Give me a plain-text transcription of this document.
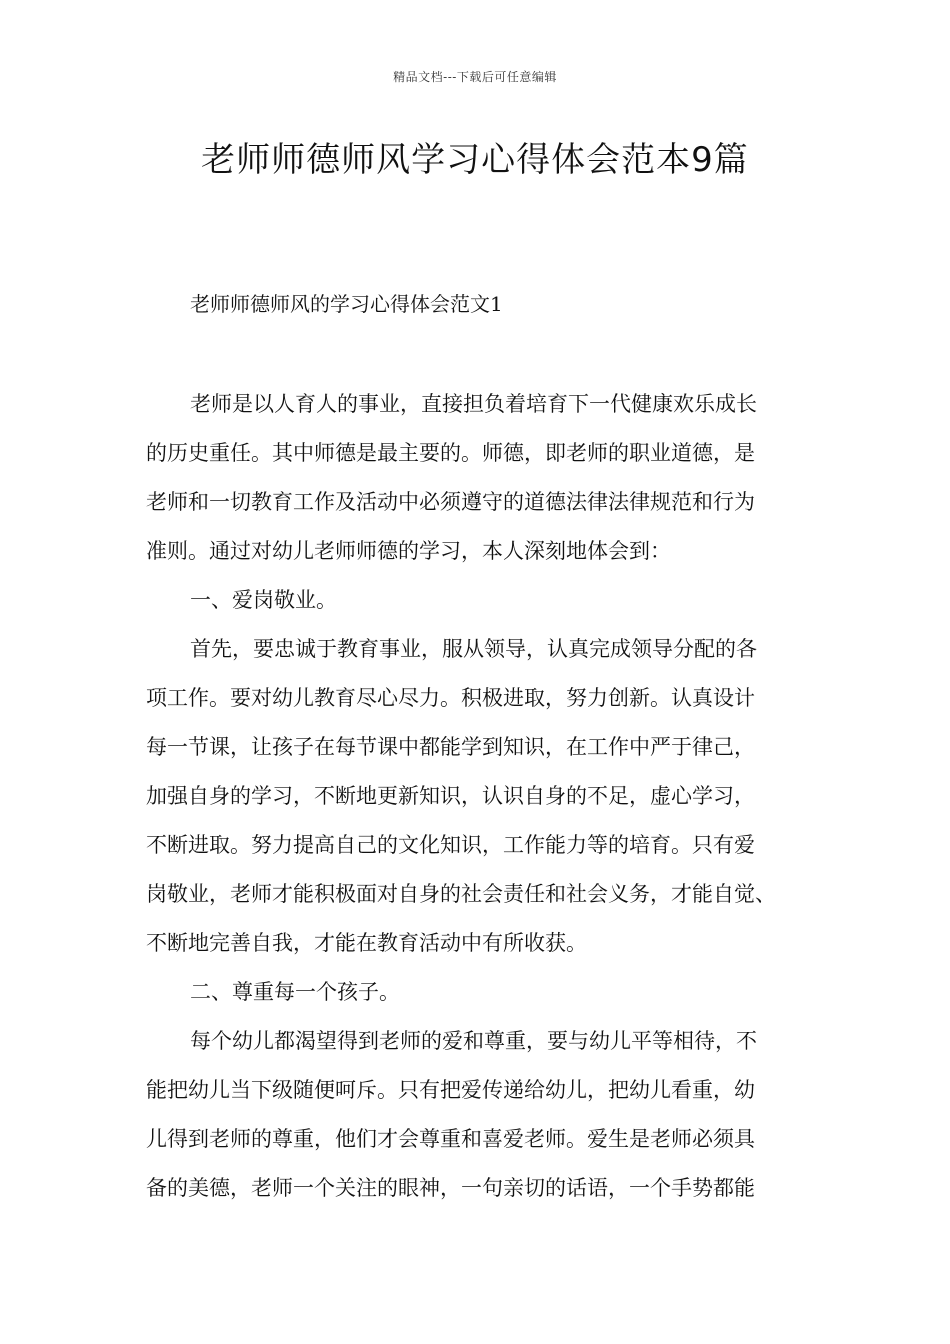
精品文档---下载后可任意编辑
老师师德师风学习心得体会范本9篇

老师师德师风的学习心得体会范文1

老师是以人育人的事业，直接担负着培育下一代健康欢乐成长

的历史重任。其中师德是最主要的。师德，即老师的职业道德，是

老师和一切教育工作及活动中必须遵守的道德法律法律规范和行为

准则。通过对幼儿老师师德的学习，本人深刻地体会到：

一、爱岗敬业。

首先，要忠诚于教育事业，服从领导，认真完成领导分配的各

项工作。要对幼儿教育尽心尽力。积极进取，努力创新。认真设计

每一节课，让孩子在每节课中都能学到知识，在工作中严于律己，

加强自身的学习，不断地更新知识，认识自身的不足，虚心学习，

不断进取。努力提高自己的文化知识，工作能力等的培育。只有爱

岗敬业，老师才能积极面对自身的社会责任和社会义务，才能自觉、

不断地完善自我，才能在教育活动中有所收获。

二、尊重每一个孩子。

每个幼儿都渴望得到老师的爱和尊重，要与幼儿平等相待，不

能把幼儿当下级随便呵斥。只有把爱传递给幼儿，把幼儿看重，幼

儿得到老师的尊重，他们才会尊重和喜爱老师。爱生是老师必须具

备的美德，老师一个关注的眼神，一句亲切的话语，一个手势都能
